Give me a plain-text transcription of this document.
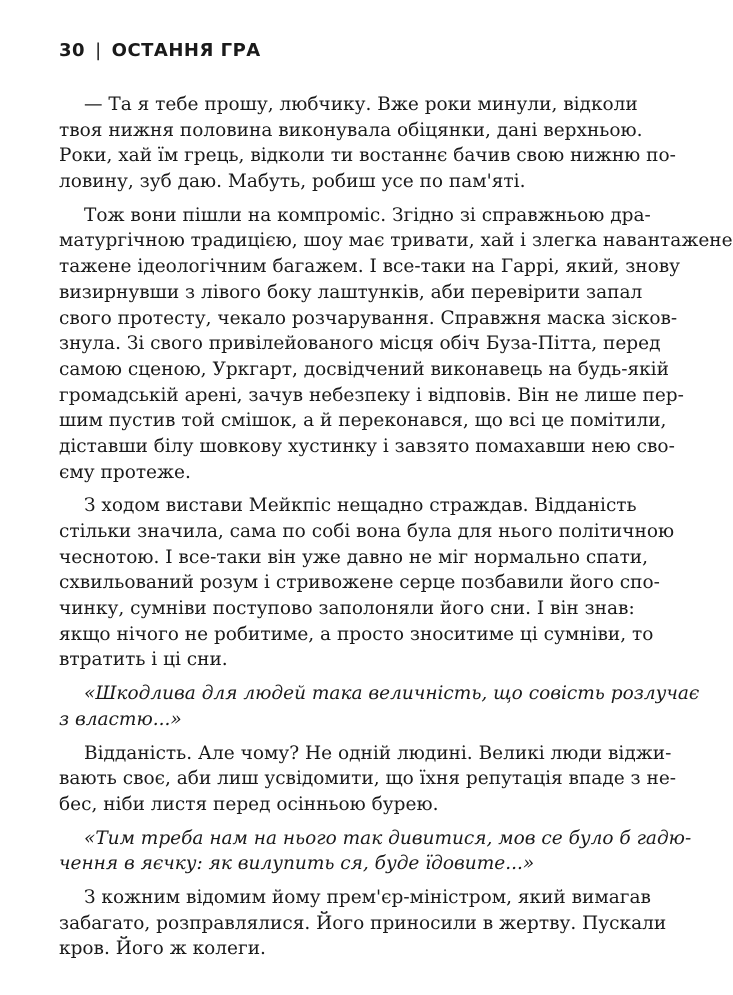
30 | ОСТАННЯ ГРА
— Та я тебе прошу, любчику. Вже роки минули, відколи
твоя нижня половина виконувала обіцянки, дані верхньою.
Роки, хай їм грець, відколи ти востаннє бачив свою нижню по-
ловину, зуб даю. Мабуть, робиш усе по пам'яті.
Тож вони пішли на компроміс. Згідно зі справжньою дра-
матургічною традицією, шоу має тривати, хай і злегка навантажене
тажене ідеологічним багажем. І все-таки на Гаррі, який, знову
визирнувши з лівого боку лаштунків, аби перевірити запал
свого протесту, чекало розчарування. Справжня маска зісков-
знула. Зі свого привілейованого місця обіч Буза-Пітта, перед
самою сценою, Уркгарт, досвідчений виконавець на будь-якій
громадській арені, зачув небезпеку і відповів. Він не лише пер-
шим пустив той смішок, а й переконався, що всі це помітили,
діставши білу шовкову хустинку і завзято помахавши нею сво-
єму протеже.
З ходом вистави Мейкпіс нещадно страждав. Відданість
стільки значила, сама по собі вона була для нього політичною
чеснотою. І все-таки він уже давно не міг нормально спати,
схвильований розум і стривожене серце позбавили його спо-
чинку, сумніви поступово заполоняли його сни. І він знав:
якщо нічого не робитиме, а просто зноситиме ці сумніви, то
втратить і ці сни.
«Шкодлива для людей така величність, що совість розлучає
з властю...»
Відданість. Але чому? Не одній людині. Великі люди віджи-
вають своє, аби лиш усвідомити, що їхня репутація впаде з не-
бес, ніби листя перед осінньою бурею.
«Тим треба нам на нього так дивитися, мов се було б гадю-
чення в яєчку: як вилупить ся, буде їдовите...»
З кожним відомим йому прем'єр-міністром, який вимагав
забагато, розправлялися. Його приносили в жертву. Пускали
кров. Його ж колеги.
